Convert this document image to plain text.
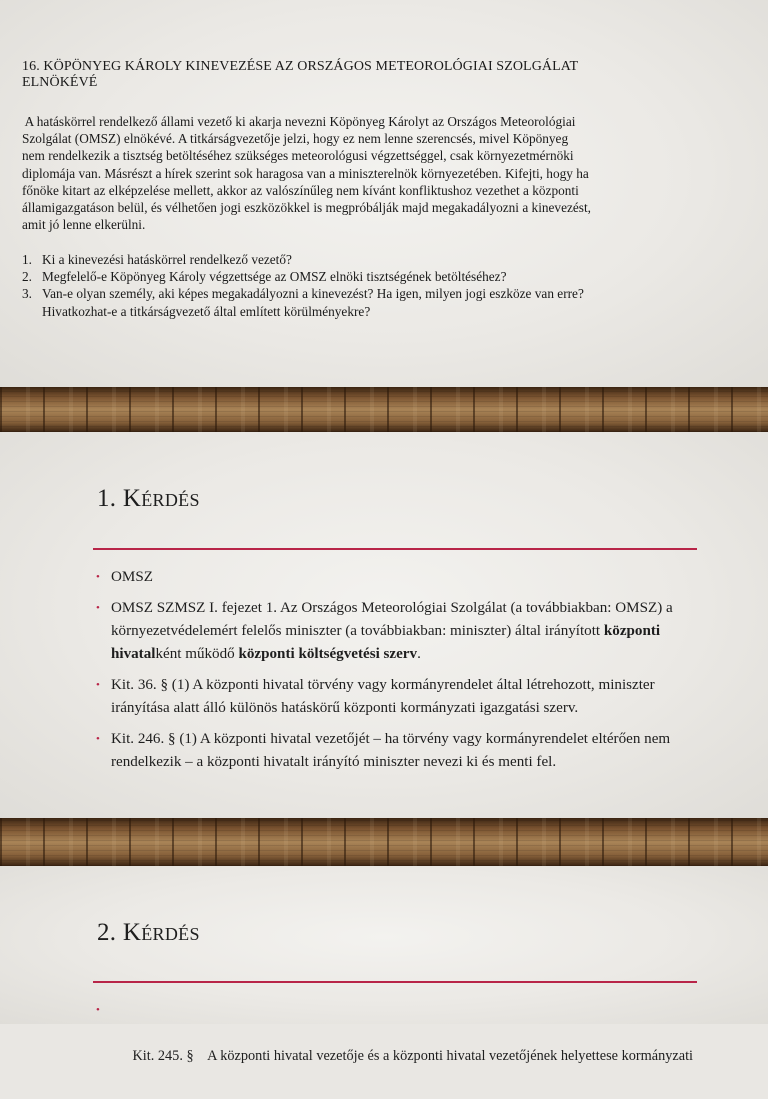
16. KÖPÖNYEG KÁROLY KINEVEZÉSE AZ ORSZÁGOS METEOROLÓGIAI SZOLGÁLAT
ELNÖKÉVÉ
A hatáskörrel rendelkező állami vezető ki akarja nevezni Köpönyeg Károlyt az Országos Meteorológiai
Szolgálat (OMSZ) elnökévé. A titkárságvezetője jelzi, hogy ez nem lenne szerencsés, mivel Köpönyeg
nem rendelkezik a tisztség betöltéséhez szükséges meteorológusi végzettséggel, csak környezetmérnöki
diplomája van. Másrészt a hírek szerint sok haragosa van a miniszterelnök környezetében. Kifejti, hogy ha
főnöke kitart az elképzelése mellett, akkor az valószínűleg nem kívánt konfliktushoz vezethet a központi
államigazgatáson belül, és vélhetően jogi eszközökkel is megpróbálják majd megakadályozni a kinevezést,
amit jó lenne elkerülni.
1. Ki a kinevezési hatáskörrel rendelkező vezető?
2. Megfelelő-e Köpönyeg Károly végzettsége az OMSZ elnöki tisztségének betöltéséhez?
3. Van-e olyan személy, aki képes megakadályozni a kinevezést? Ha igen, milyen jogi eszköze van erre?
Hivatkozhat-e a titkárságvezető által említett körülményekre?
1. Kérdés
• OMSZ
• OMSZ SZMSZ I. fejezet 1. Az Országos Meteorológiai Szolgálat (a továbbiakban: OMSZ) a környezetvédelemért felelős miniszter (a továbbiakban: miniszter) által irányított központi hivatalként működő központi költségvetési szerv.
• Kit. 36. § (1) A központi hivatal törvény vagy kormányrendelet által létrehozott, miniszter irányítása alatt álló különös hatáskörű központi kormányzati igazgatási szerv.
• Kit. 246. § (1) A központi hivatal vezetőjét – ha törvény vagy kormányrendelet eltérően nem rendelkezik – a központi hivatalt irányító miniszter nevezi ki és menti fel.
2. Kérdés

•

Kit. 245. §    A központi hivatal vezetője és a központi hivatal vezetőjének helyettese kormányzati
